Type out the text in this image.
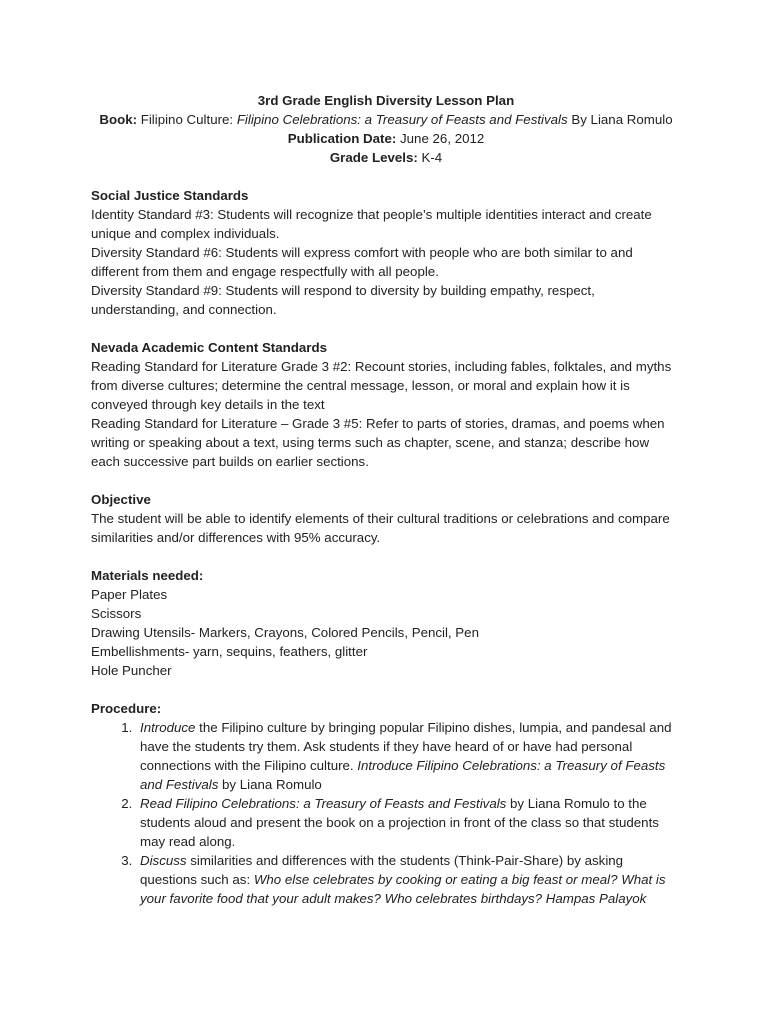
3rd Grade English Diversity Lesson Plan
Book: Filipino Culture: Filipino Celebrations: a Treasury of Feasts and Festivals By Liana Romulo
Publication Date: June 26, 2012
Grade Levels: K-4
Social Justice Standards

Identity Standard #3: Students will recognize that people’s multiple identities interact and create unique and complex individuals.

Diversity Standard #6: Students will express comfort with people who are both similar to and different from them and engage respectfully with all people.

Diversity Standard #9: Students will respond to diversity by building empathy, respect, understanding, and connection.

Nevada Academic Content Standards

Reading Standard for Literature Grade 3 #2: Recount stories, including fables, folktales, and myths from diverse cultures; determine the central message, lesson, or moral and explain how it is conveyed through key details in the text

Reading Standard for Literature – Grade 3 #5: Refer to parts of stories, dramas, and poems when writing or speaking about a text, using terms such as chapter, scene, and stanza; describe how each successive part builds on earlier sections.

Objective

The student will be able to identify elements of their cultural traditions or celebrations and compare similarities and/or differences with 95% accuracy.

Materials needed:

Paper Plates

Scissors

Drawing Utensils- Markers, Crayons, Colored Pencils, Pencil, Pen

Embellishments- yarn, sequins, feathers, glitter

Hole Puncher

Procedure:
1. Introduce the Filipino culture by bringing popular Filipino dishes, lumpia, and pandesal and have the students try them. Ask students if they have heard of or have had personal connections with the Filipino culture. Introduce Filipino Celebrations: a Treasury of Feasts and Festivals by Liana Romulo
2. Read Filipino Celebrations: a Treasury of Feasts and Festivals by Liana Romulo to the students aloud and present the book on a projection in front of the class so that students may read along.
3. Discuss similarities and differences with the students (Think-Pair-Share) by asking questions such as: Who else celebrates by cooking or eating a big feast or meal? What is your favorite food that your adult makes? Who celebrates birthdays? Hampas Palayok
